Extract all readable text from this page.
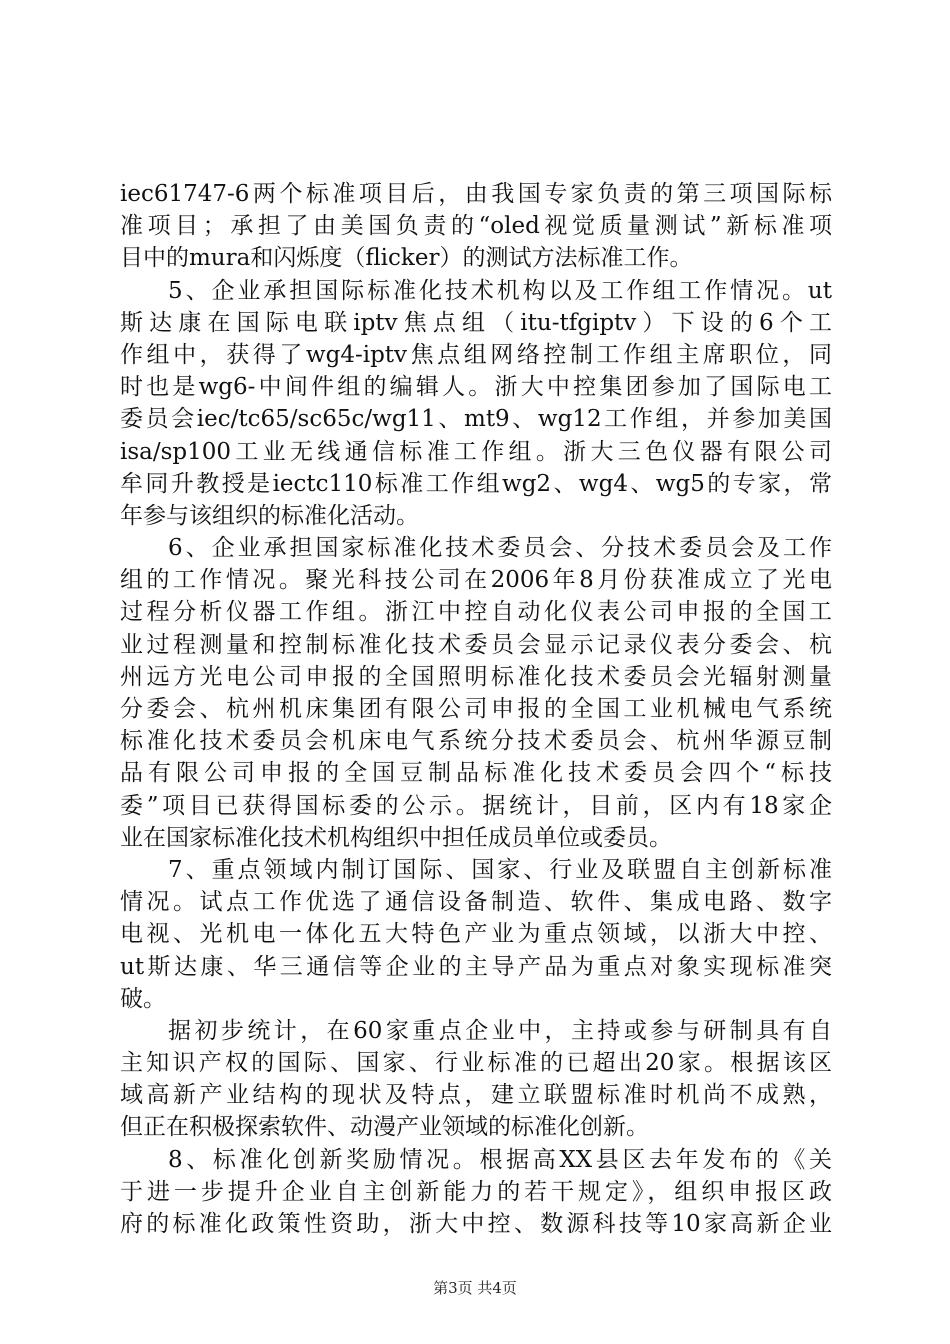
iec61747-6两个标准项目后，由我国专家负责的第三项国际标
准项目；承担了由美国负责的“oled视觉质量测试”新标准项
目中的mura和闪烁度（flicker）的测试方法标准工作。
5、企业承担国际标准化技术机构以及工作组工作情况。ut
斯达康在国际电联iptv焦点组（itu-tfgiptv）下设的6个工
作组中，获得了wg4-iptv焦点组网络控制工作组主席职位，同
时也是wg6-中间件组的编辑人。浙大中控集团参加了国际电工
委员会iec/tc65/sc65c/wg11、mt9、wg12工作组，并参加美国
isa/sp100工业无线通信标准工作组。浙大三色仪器有限公司
牟同升教授是iectc110标准工作组wg2、wg4、wg5的专家，常
年参与该组织的标准化活动。
6、企业承担国家标准化技术委员会、分技术委员会及工作
组的工作情况。聚光科技公司在2006年8月份获准成立了光电
过程分析仪器工作组。浙江中控自动化仪表公司申报的全国工
业过程测量和控制标准化技术委员会显示记录仪表分委会、杭
州远方光电公司申报的全国照明标准化技术委员会光辐射测量
分委会、杭州机床集团有限公司申报的全国工业机械电气系统
标准化技术委员会机床电气系统分技术委员会、杭州华源豆制
品有限公司申报的全国豆制品标准化技术委员会四个“标技
委”项目已获得国标委的公示。据统计，目前，区内有18家企
业在国家标准化技术机构组织中担任成员单位或委员。
7、重点领域内制订国际、国家、行业及联盟自主创新标准
情况。试点工作优选了通信设备制造、软件、集成电路、数字
电视、光机电一体化五大特色产业为重点领域，以浙大中控、
ut斯达康、华三通信等企业的主导产品为重点对象实现标准突
破。
据初步统计，在60家重点企业中，主持或参与研制具有自
主知识产权的国际、国家、行业标准的已超出20家。根据该区
域高新产业结构的现状及特点，建立联盟标准时机尚不成熟，
但正在积极探索软件、动漫产业领域的标准化创新。
8、标准化创新奖励情况。根据高XX县区去年发布的《关
于进一步提升企业自主创新能力的若干规定》，组织申报区政
府的标准化政策性资助，浙大中控、数源科技等10家高新企业
第3页 共4页
